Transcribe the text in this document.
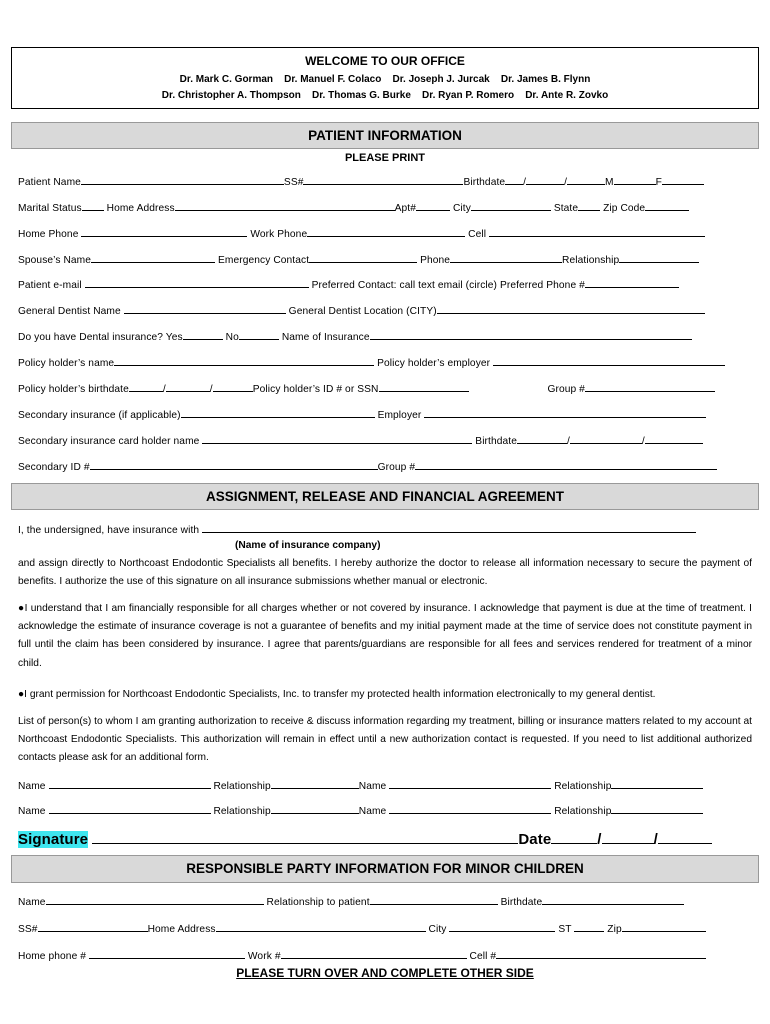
WELCOME TO OUR OFFICE
Dr. Mark C. Gorman    Dr. Manuel F. Colaco    Dr. Joseph J. Jurcak    Dr. James B. Flynn
Dr. Christopher A. Thompson    Dr. Thomas G. Burke    Dr. Ryan P. Romero    Dr. Ante R. Zovko
PATIENT INFORMATION
PLEASE PRINT
Patient Name	SS#	Birthdate /	/	M	F
Marital Status Home Address	Apt#	City	State Zip Code
Home Phone	Work Phone	Cell
Spouse’s Name	Emergency Contact	Phone	Relationship
Patient e-mail	Preferred Contact: call text email (circle) Preferred Phone #
General Dentist Name	General Dentist Location (CITY)
Do you have Dental insurance? Yes	No	Name of Insurance
Policy holder’s name	Policy holder’s employer
Policy holder’s birthdate	/	/	Policy holder’s ID # or SSN	Group #
Secondary insurance (if applicable)	Employer
Secondary insurance card holder name	Birthdate	/	/
Secondary ID #	Group #
ASSIGNMENT, RELEASE AND FINANCIAL AGREEMENT
I, the undersigned, have insurance with
(Name of insurance company)
and assign directly to Northcoast Endodontic Specialists all benefits. I hereby authorize the doctor to release all information necessary to secure the payment of benefits. I authorize the use of this signature on all insurance submissions whether manual or electronic.
●I understand that I am financially responsible for all charges whether or not covered by insurance. I acknowledge that payment is due at the time of treatment. I acknowledge the estimate of insurance coverage is not a guarantee of benefits and my initial payment made at the time of service does not constitute payment in full until the claim has been considered by insurance. I agree that parents/guardians are responsible for all fees and services rendered for treatment of a minor child.
●I grant permission for Northcoast Endodontic Specialists, Inc. to transfer my protected health information electronically to my general dentist.
List of person(s) to whom I am granting authorization to receive & discuss information regarding my treatment, billing or insurance matters related to my account at Northcoast Endodontic Specialists. This authorization will remain in effect until a new authorization contact is requested. If you need to list additional authorized contacts please ask for an additional form.
Name	Relationship	Name	Relationship
Name	Relationship	Name	Relationship
Signature	Date	/	/
RESPONSIBLE PARTY INFORMATION FOR MINOR CHILDREN
Name	Relationship to patient	Birthdate
SS#	Home Address	City	ST	Zip
Home phone #	Work #	Cell #
PLEASE TURN OVER AND COMPLETE OTHER SIDE
